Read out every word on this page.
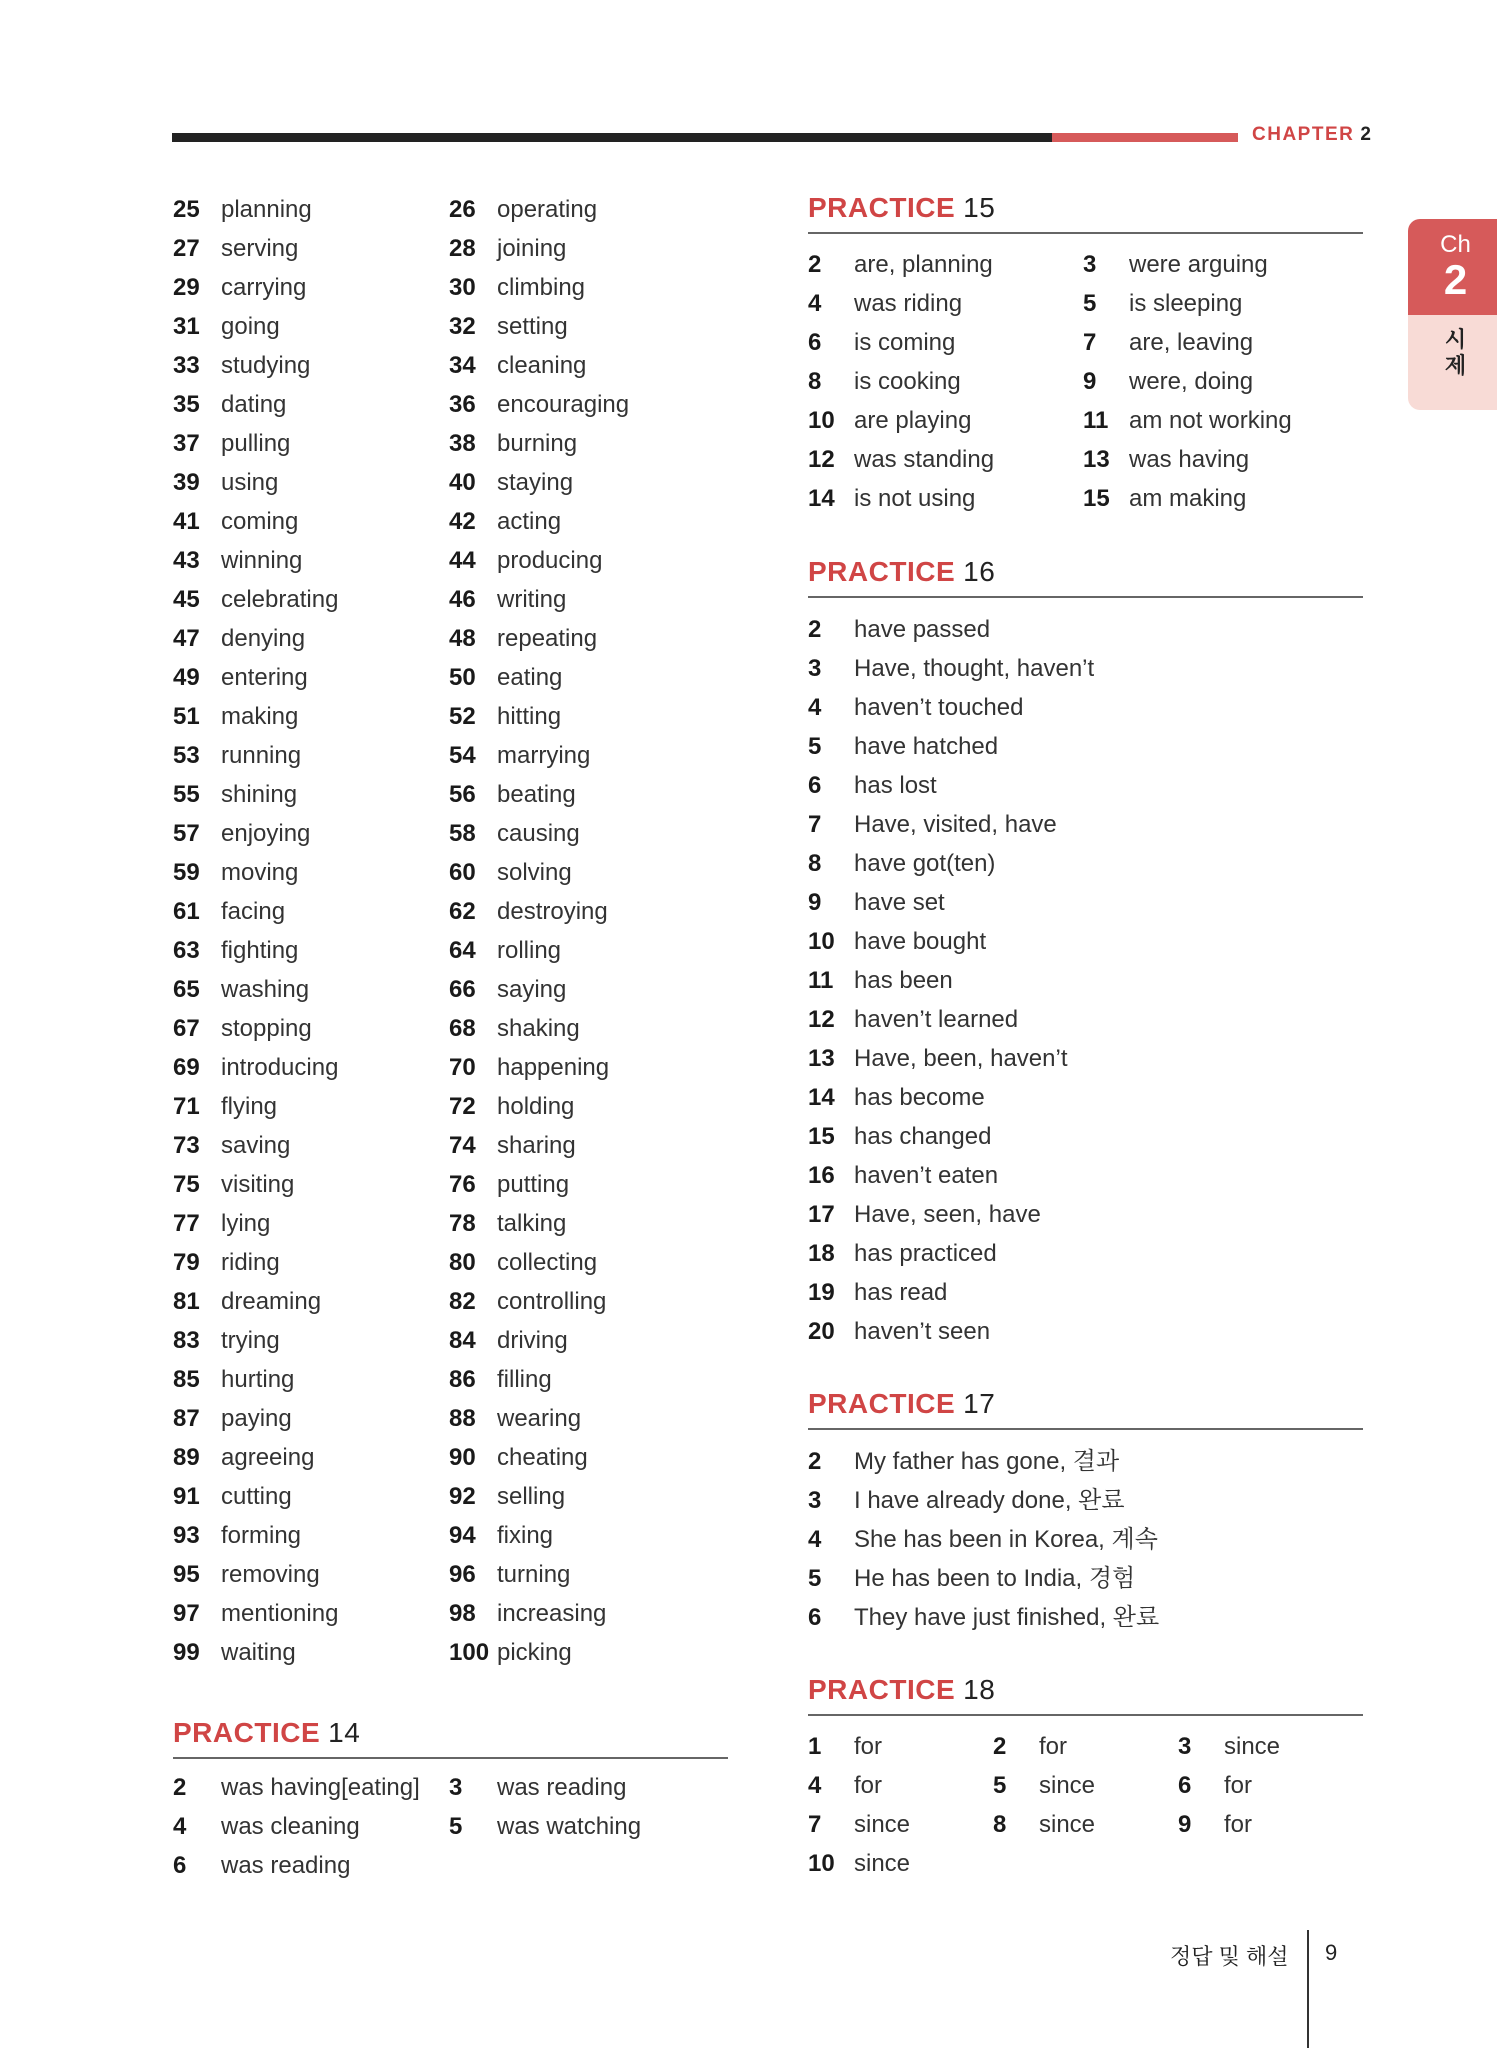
CHAPTER 2
Ch
2
시
제
25 planning
27 serving
29 carrying
31 going
33 studying
35 dating
37 pulling
39 using
41 coming
43 winning
45 celebrating
47 denying
49 entering
51 making
53 running
55 shining
57 enjoying
59 moving
61 facing
63 fighting
65 washing
67 stopping
69 introducing
71 flying
73 saving
75 visiting
77 lying
79 riding
81 dreaming
83 trying
85 hurting
87 paying
89 agreeing
91 cutting
93 forming
95 removing
97 mentioning
99 waiting
26 operating
28 joining
30 climbing
32 setting
34 cleaning
36 encouraging
38 burning
40 staying
42 acting
44 producing
46 writing
48 repeating
50 eating
52 hitting
54 marrying
56 beating
58 causing
60 solving
62 destroying
64 rolling
66 saying
68 shaking
70 happening
72 holding
74 sharing
76 putting
78 talking
80 collecting
82 controlling
84 driving
86 filling
88 wearing
90 cheating
92 selling
94 fixing
96 turning
98 increasing
100 picking
PRACTICE 14
2 was having[eating]
4 was cleaning
6 was reading
3 was reading
5 was watching
PRACTICE 15
2 are, planning
4 was riding
6 is coming
8 is cooking
10 are playing
12 was standing
14 is not using
3 were arguing
5 is sleeping
7 are, leaving
9 were, doing
11 am not working
13 was having
15 am making
PRACTICE 16
2 have passed
3 Have, thought, haven’t
4 haven’t touched
5 have hatched
6 has lost
7 Have, visited, have
8 have got(ten)
9 have set
10 have bought
11 has been
12 haven’t learned
13 Have, been, haven’t
14 has become
15 has changed
16 haven’t eaten
17 Have, seen, have
18 has practiced
19 has read
20 haven’t seen
PRACTICE 17
2 My father has gone, 결과
3 I have already done, 완료
4 She has been in Korea, 계속
5 He has been to India, 경험
6 They have just finished, 완료
PRACTICE 18
1 for
4 for
7 since
10 since
2 for
5 since
8 since
3 since
6 for
9 for
정답 및 해설 9
